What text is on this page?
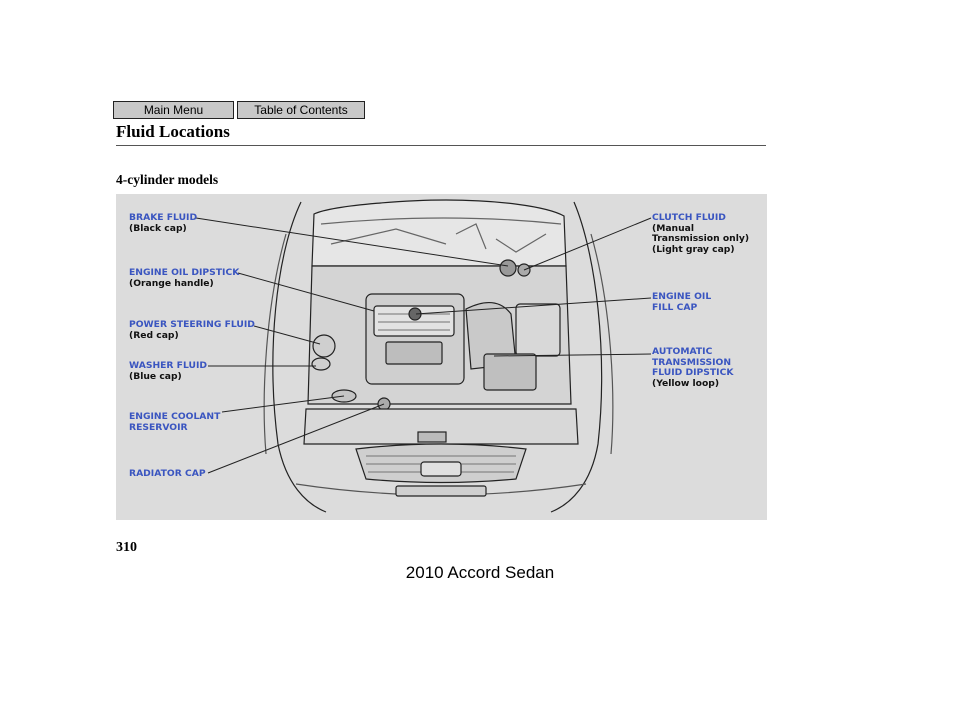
Main Menu	Table of Contents
Fluid Locations
4-cylinder models
BRAKE FLUID
(Black cap)
ENGINE OIL DIPSTICK
(Orange handle)
POWER STEERING FLUID
(Red cap)
WASHER FLUID
(Blue cap)
ENGINE COOLANT
RESERVOIR
RADIATOR CAP
CLUTCH FLUID
(Manual
Transmission only)
(Light gray cap)
ENGINE OIL
FILL CAP
AUTOMATIC
TRANSMISSION
FLUID DIPSTICK
(Yellow loop)
310
2010 Accord Sedan
